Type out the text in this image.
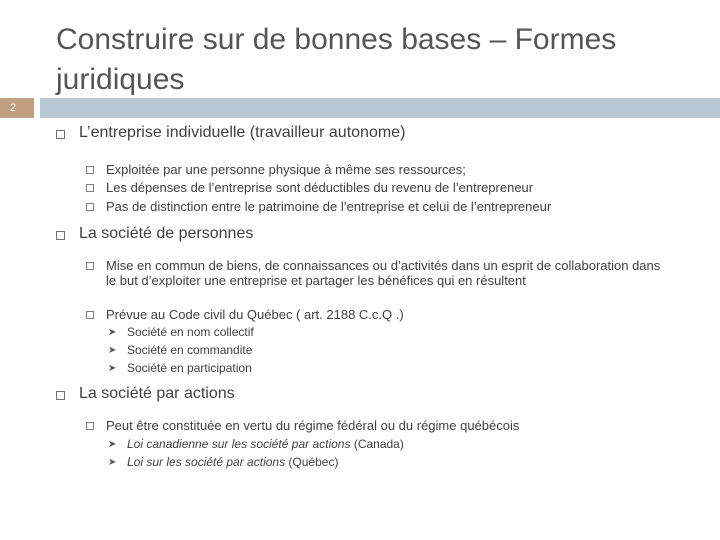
Construire sur de bonnes bases – Formes juridiques
2
L’entreprise individuelle (travailleur autonome)
Exploitée par une personne physique à même ses ressources;
Les dépenses de l’entreprise sont déductibles du revenu de l’entrepreneur
Pas de distinction entre le patrimoine de l’entreprise et celui de l’entrepreneur
La société de personnes
Mise en commun de biens, de connaissances ou d’activités dans un esprit de collaboration dans le but d’exploiter une entreprise et partager les bénéfices qui en résultent
Prévue au Code civil du Québec ( art. 2188 C.c.Q .)
➤ Société en nom collectif
➤ Société en commandite
➤ Société en participation
La société par actions
Peut être constituée en vertu du régime fédéral ou du régime québécois
➤ Loi canadienne sur les société par actions (Canada)
➤ Loi sur les société par actions (Québec)
